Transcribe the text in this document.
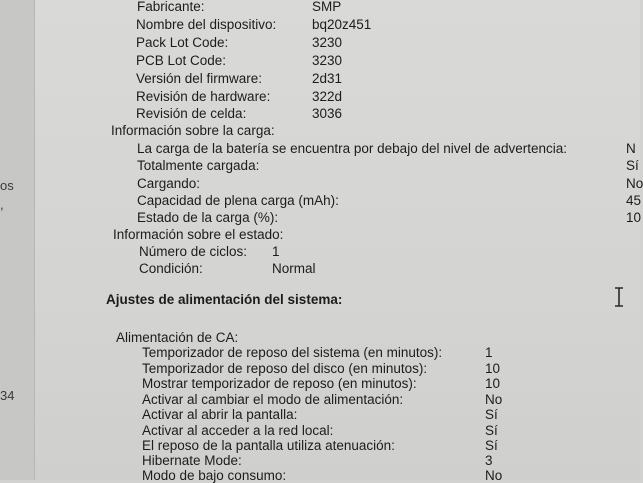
os
,
34
Fabricante:	SMP
Nombre del dispositivo:	bq20z451
Pack Lot Code:	3230
PCB Lot Code:	3230
Versión del firmware:	2d31
Revisión de hardware:	322d
Revisión de celda:	3036
Información sobre la carga:
La carga de la batería se encuentra por debajo del nivel de advertencia:	N
Totalmente cargada:	Sí
Cargando:	No
Capacidad de plena carga (mAh):	45
Estado de la carga (%):	10
Información sobre el estado:
Número de ciclos: 1
Condición:	Normal
Ajustes de alimentación del sistema:
Alimentación de CA:
Temporizador de reposo del sistema (en minutos):	1
Temporizador de reposo del disco (en minutos):	10
Mostrar temporizador de reposo (en minutos):	10
Activar al cambiar el modo de alimentación:	No
Activar al abrir la pantalla:	Sí
Activar al acceder a la red local:	Sí
El reposo de la pantalla utiliza atenuación:	Sí
Hibernate Mode:	3
Modo de bajo consumo:	No
